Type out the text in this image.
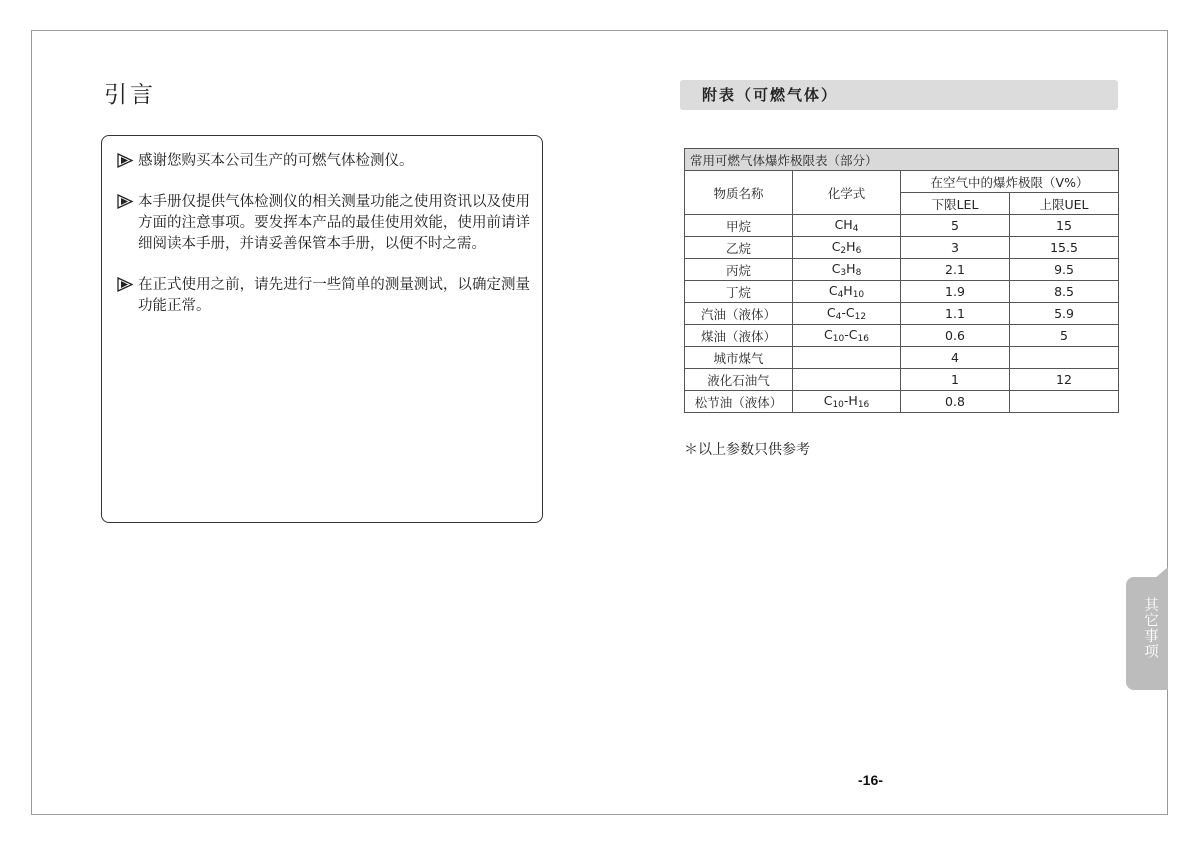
引言
感谢您购买本公司生产的可燃气体检测仪。
本手册仅提供气体检测仪的相关测量功能之使用资讯以及使用方面的注意事项。要发挥本产品的最佳使用效能，使用前请详细阅读本手册，并请妥善保管本手册，以便不时之需。
在正式使用之前，请先进行一些简单的测量测试，以确定测量功能正常。
附表（可燃气体）
常用可燃气体爆炸极限表（部分）			
物质名称	化学式	在空气中的爆炸极限（V%）	
		下限LEL	上限UEL
甲烷	$CH_4$	5	15
乙烷	$C_2H_6$	3	15.5
丙烷	$C_3H_8$	2.1	9.5
丁烷	$C_4H_{10}$	1.9	8.5
汽油（液体）	$C_4-C_{12}$	1.1	5.9
煤油（液体）	$C_{10}-C_{16}$	0.6	5
城市煤气		4	
液化石油气		1	12
松节油（液体）	$C_{10}-H_{16}$	0.8	
＊以上参数只供参考
其它事项
-16-
